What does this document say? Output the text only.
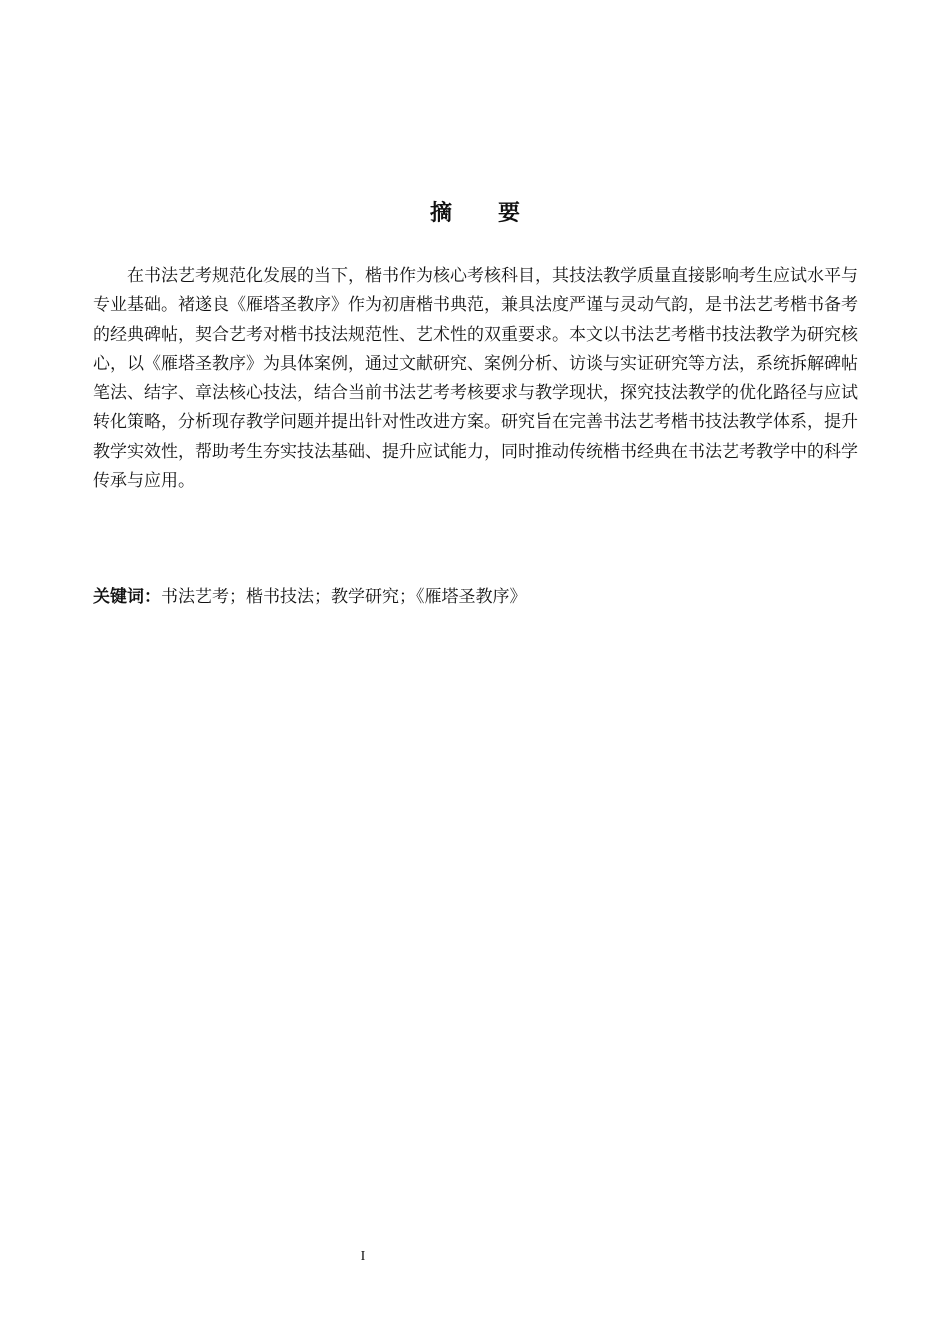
摘 要

在书法艺考规范化发展的当下，楷书作为核心考核科目，其技法教学质量直接影响考生应试水平与专业基础。褚遂良《雁塔圣教序》作为初唐楷书典范，兼具法度严谨与灵动气韵，是书法艺考楷书备考的经典碑帖，契合艺考对楷书技法规范性、艺术性的双重要求。本文以书法艺考楷书技法教学为研究核心，以《雁塔圣教序》为具体案例，通过文献研究、案例分析、访谈与实证研究等方法，系统拆解碑帖笔法、结字、章法核心技法，结合当前书法艺考考核要求与教学现状，探究技法教学的优化路径与应试转化策略，分析现存教学问题并提出针对性改进方案。研究旨在完善书法艺考楷书技法教学体系，提升教学实效性，帮助考生夯实技法基础、提升应试能力，同时推动传统楷书经典在书法艺考教学中的科学传承与应用。

关键词：书法艺考；楷书技法；教学研究；《雁塔圣教序》

I
